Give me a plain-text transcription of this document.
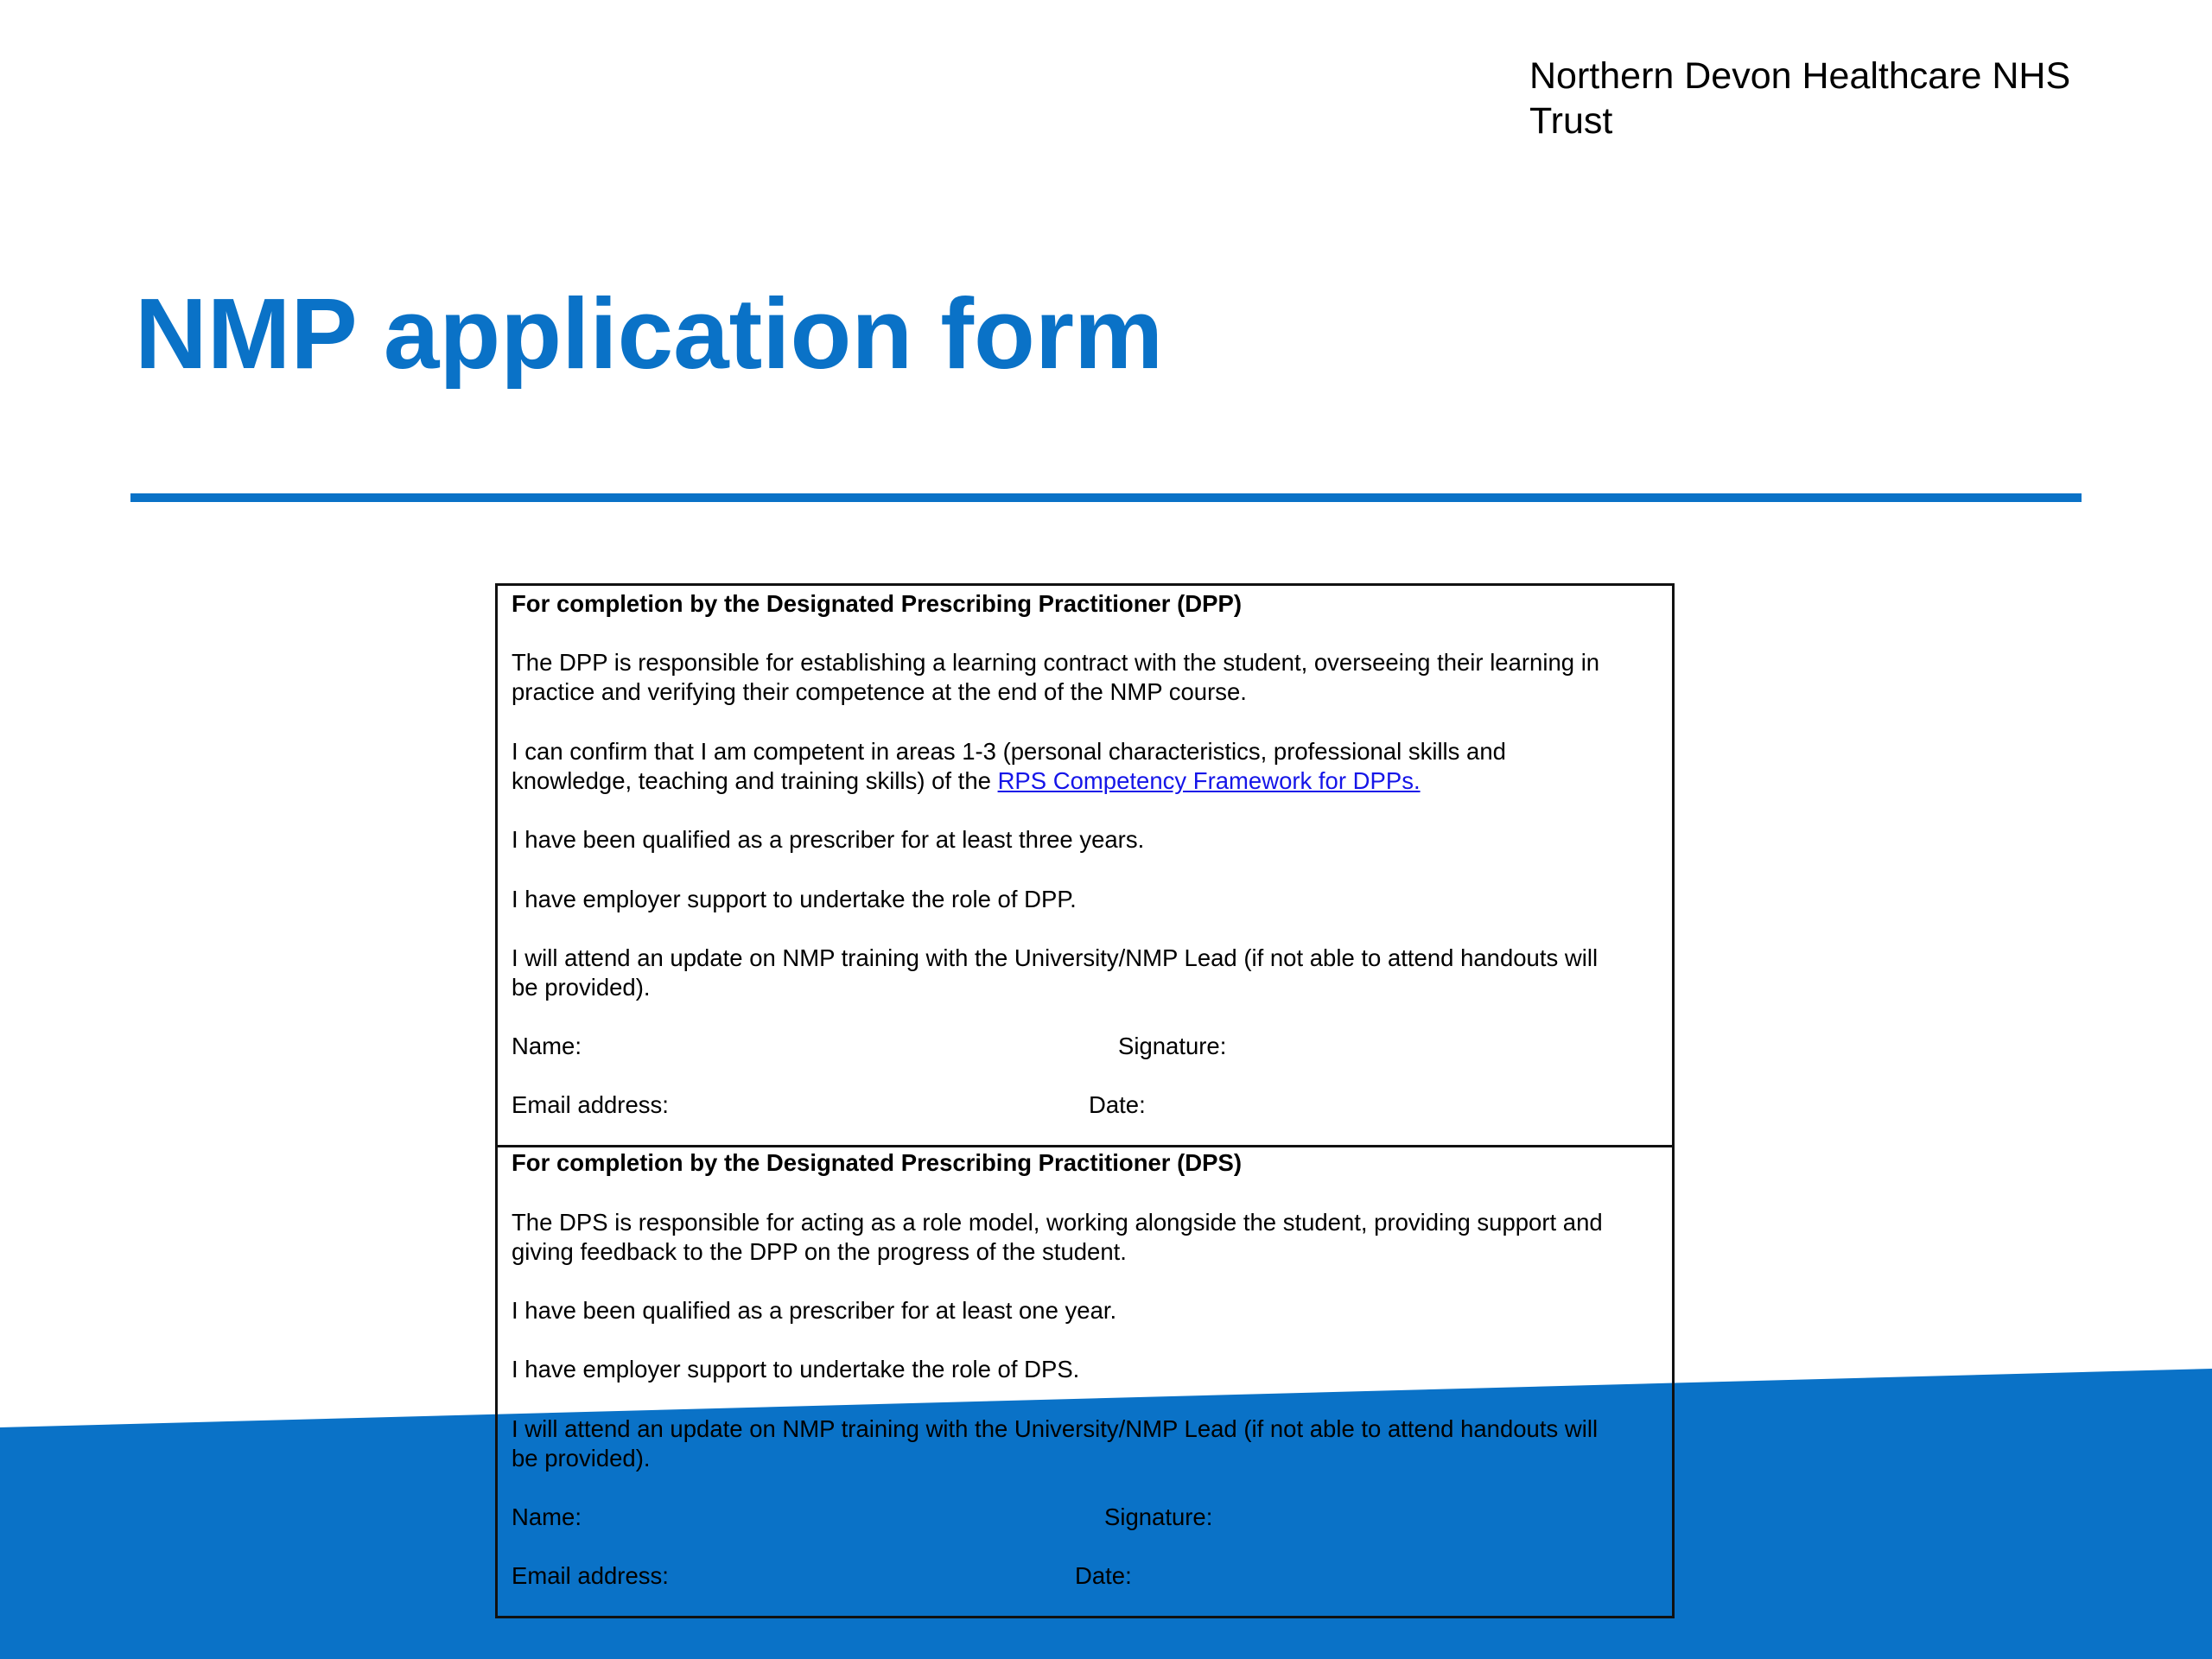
Northern Devon Healthcare NHS
Trust
NMP application form

For completion by the Designated Prescribing Practitioner (DPP)

The DPP is responsible for establishing a learning contract with the student, overseeing their learning in

practice and verifying their competence at the end of the NMP course.

I can confirm that I am competent in areas 1-3 (personal characteristics, professional skills and

knowledge, teaching and training skills) of the RPS Competency Framework for DPPs.

I have been qualified as a prescriber for at least three years.

I have employer support to undertake the role of DPP.

I will attend an update on NMP training with the University/NMP Lead (if not able to attend handouts will

be provided).

Name:	Signature:

Email address:	Date:

For completion by the Designated Prescribing Practitioner (DPS)

The DPS is responsible for acting as a role model, working alongside the student, providing support and

giving feedback to the DPP on the progress of the student.

I have been qualified as a prescriber for at least one year.

I have employer support to undertake the role of DPS.

I will attend an update on NMP training with the University/NMP Lead (if not able to attend handouts will

be provided).

Name:	Signature:

Email address:	Date:
